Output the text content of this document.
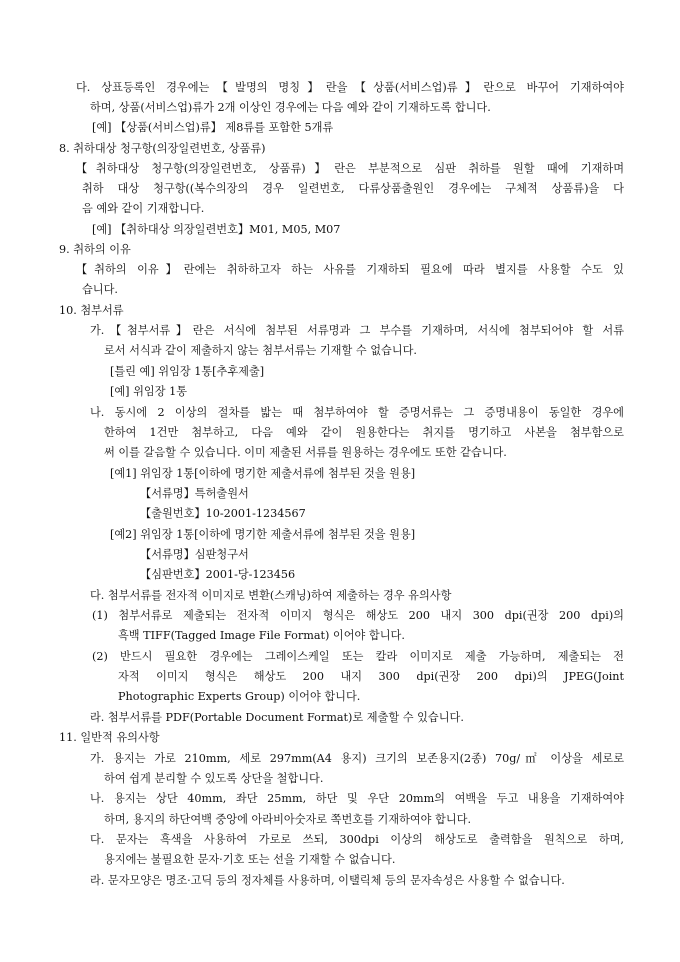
다. 상표등록인 경우에는【발명의 명칭】란을【상품(서비스업)류】란으로 바꾸어 기재하여야
하며, 상품(서비스업)류가 2개 이상인 경우에는 다음 예와 같이 기재하도록 합니다.
[예] 【상품(서비스업)류】 제8류를 포함한 5개류
8. 취하대상 청구항(의장일련번호, 상품류)
【취하대상 청구항(의장일련번호, 상품류)】란은 부분적으로 심판 취하를 원할 때에 기재하며
취하 대상 청구항((복수의장의 경우 일련번호, 다류상품출원인 경우에는 구체적 상품류)을 다
음 예와 같이 기재합니다.
[예] 【취하대상 의장일련번호】M01, M05, M07
9. 취하의 이유
【취하의 이유】란에는 취하하고자 하는 사유를 기재하되 필요에 따라 별지를 사용할 수도 있
습니다.
10. 첨부서류
가.【첨부서류】란은 서식에 첨부된 서류명과 그 부수를 기재하며, 서식에 첨부되어야 할 서류
로서 서식과 같이 제출하지 않는 첨부서류는 기재할 수 없습니다.
[틀린 예] 위임장 1통[추후제출]
[예] 위임장 1통
나. 동시에 2 이상의 절차를 밟는 때 첨부하여야 할 증명서류는 그 증명내용이 동일한 경우에
한하여 1건만 첨부하고, 다음 예와 같이 원용한다는 취지를 명기하고 사본을 첨부함으로
써 이를 갈음할 수 있습니다. 이미 제출된 서류를 원용하는 경우에도 또한 같습니다.
[예1] 위임장 1통[이하에 명기한 제출서류에 첨부된 것을 원용]
【서류명】특허출원서
【출원번호】10-2001-1234567
[예2] 위임장 1통[이하에 명기한 제출서류에 첨부된 것을 원용]
【서류명】심판청구서
【심판번호】2001-당-123456
다. 첨부서류를 전자적 이미지로 변환(스캐닝)하여 제출하는 경우 유의사항
(1) 첨부서류로 제출되는 전자적 이미지 형식은 해상도 200 내지 300 dpi(권장 200 dpi)의
흑백 TIFF(Tagged Image File Format) 이어야 합니다.
(2) 반드시 필요한 경우에는 그레이스케일 또는 칼라 이미지로 제출 가능하며, 제출되는 전
자적 이미지 형식은 해상도 200 내지 300 dpi(권장 200 dpi)의 JPEG(Joint
Photographic Experts Group) 이어야 합니다.
라. 첨부서류를 PDF(Portable Document Format)로 제출할 수 있습니다.
11. 일반적 유의사항
가. 용지는 가로 210mm, 세로 297mm(A4 용지) 크기의 보존용지(2종) 70g/㎡ 이상을 세로로
하여 쉽게 분리할 수 있도록 상단을 철합니다.
나. 용지는 상단 40mm, 좌단 25mm, 하단 및 우단 20mm의 여백을 두고 내용을 기재하여야
하며, 용지의 하단여백 중앙에 아라비아숫자로 쪽번호를 기재하여야 합니다.
다. 문자는 흑색을 사용하여 가로로 쓰되, 300dpi 이상의 해상도로 출력함을 원칙으로 하며,
용지에는 불필요한 문자·기호 또는 선을 기재할 수 없습니다.
라. 문자모양은 명조·고딕 등의 정자체를 사용하며, 이탤릭체 등의 문자속성은 사용할 수 없습니다.
